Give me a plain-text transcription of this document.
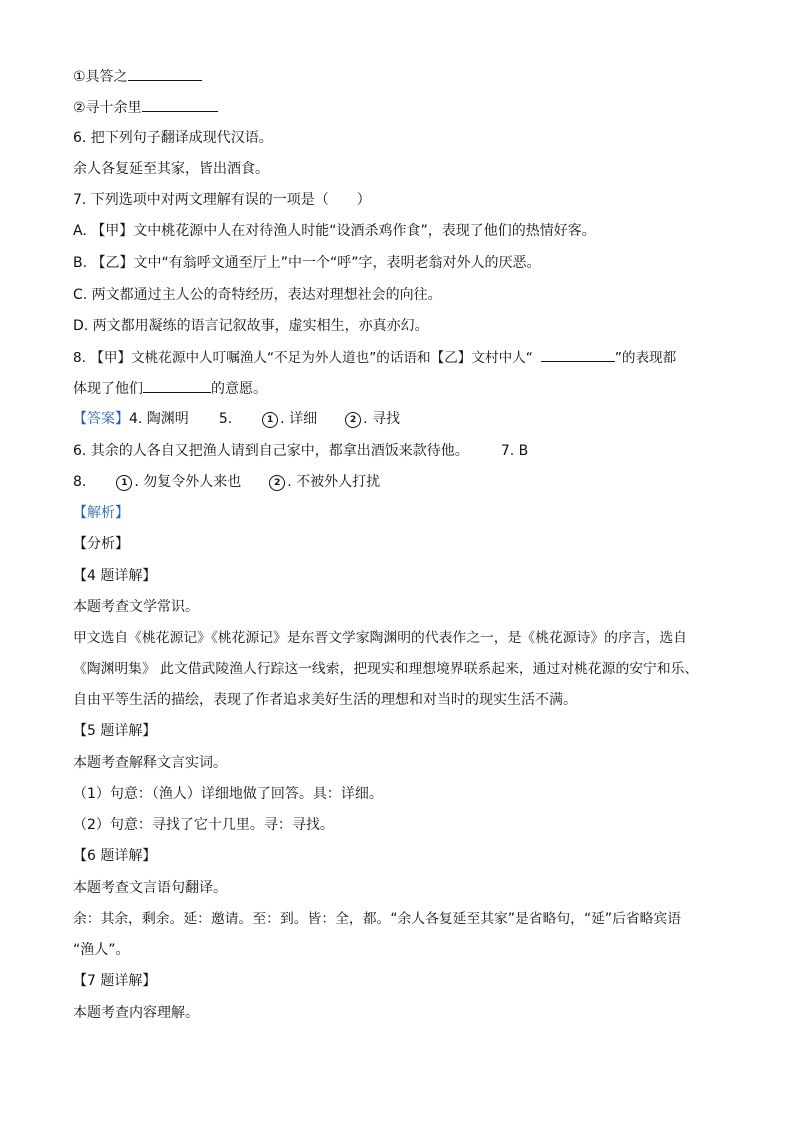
①具答之
②寻十余里
6. 把下列句子翻译成现代汉语。
余人各复延至其家，皆出酒食。
7. 下列选项中对两文理解有误的一项是（　　）
A. 【甲】文中桃花源中人在对待渔人时能“设酒杀鸡作食”，表现了他们的热情好客。
B. 【乙】文中“有翁呼文通至厅上”中一个“呼”字，表明老翁对外人的厌恶。
C. 两文都通过主人公的奇特经历，表达对理想社会的向往。
D. 两文都用凝练的语言记叙故事，虚实相生，亦真亦幻。
8. 【甲】文桃花源中人叮嘱渔人“不足为外人道也”的话语和【乙】文村中人“	”的表现都
体现了他们	的意愿。
【答案】4. 陶渊明 5.	1 . 详细	2 . 寻找
6. 其余的人各自又把渔人请到自己家中，都拿出酒饭来款待他。 7. B
8.	1 . 勿复令外人来也	2 . 不被外人打扰
【解析】
【分析】
【4 题详解】
本题考查文学常识。
甲文选自《桃花源记》《桃花源记》是东晋文学家陶渊明的代表作之一，是《桃花源诗》的序言，选自
《陶渊明集》 此文借武陵渔人行踪这一线索，把现实和理想境界联系起来，通过对桃花源的安宁和乐、
自由平等生活的描绘，表现了作者追求美好生活的理想和对当时的现实生活不满。
【5 题详解】
本题考查解释文言实词。
（1）句意：（渔人）详细地做了回答。具：详细。
（2）句意：寻找了它十几里。寻：寻找。
【6 题详解】
本题考查文言语句翻译。
余：其余，剩余。延：邀请。至：到。皆：全，都。“余人各复延至其家”是省略句，“延”后省略宾语
“渔人”。
【7 题详解】
本题考查内容理解。
